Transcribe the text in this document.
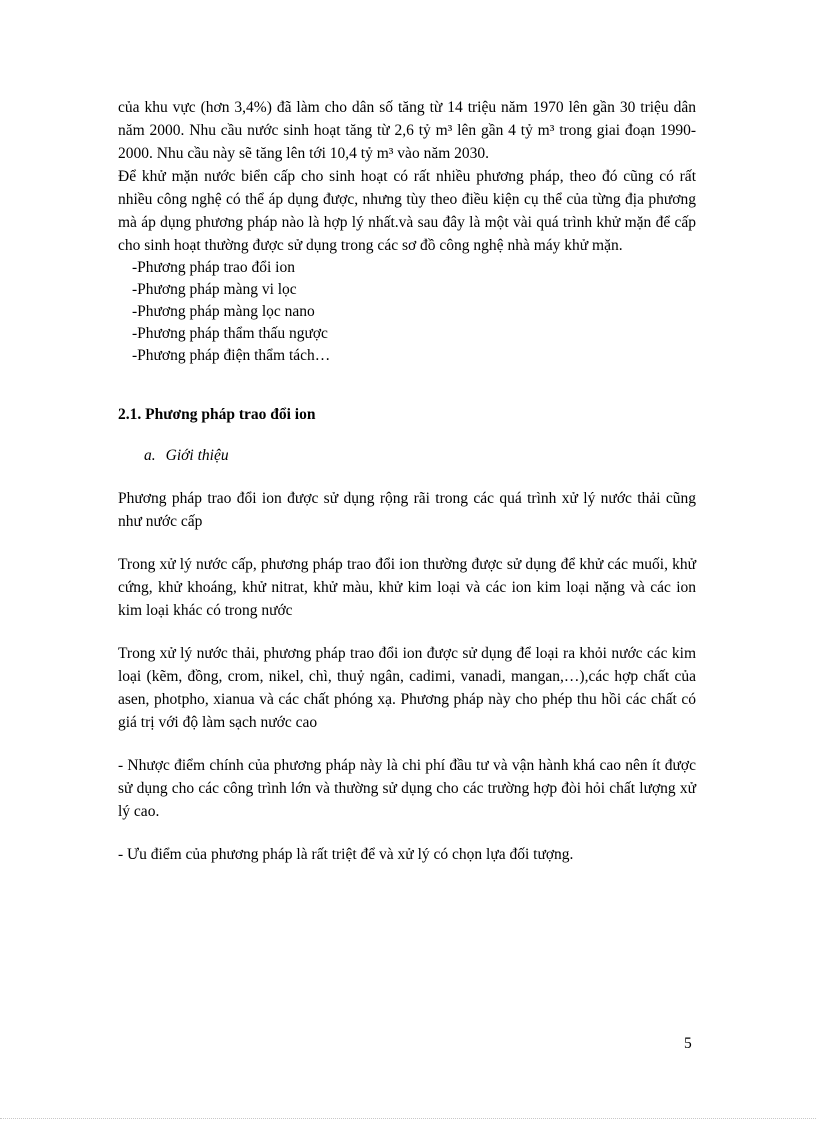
của khu vực (hơn 3,4%) đã làm cho dân số tăng từ 14 triệu năm 1970 lên gần 30 triệu dân năm 2000. Nhu cầu nước sinh hoạt tăng từ 2,6 tỷ m³ lên gần 4 tỷ m³ trong giai đoạn 1990-2000. Nhu cầu này sẽ tăng lên tới 10,4 tỷ m³ vào năm 2030.

Để khử mặn nước biển cấp cho sinh hoạt có rất nhiều phương pháp, theo đó cũng có rất nhiều công nghệ có thể áp dụng được, nhưng tùy theo điều kiện cụ thể của từng địa phương mà áp dụng phương pháp nào là hợp lý nhất.và sau đây là một vài quá trình khử mặn để cấp cho sinh hoạt thường được sử dụng trong các sơ đồ công nghệ nhà máy khử mặn.

-Phương pháp trao đổi ion
-Phương pháp màng vi lọc
-Phương pháp màng lọc nano
-Phương pháp thẩm thấu ngược
-Phương pháp điện thẩm tách…
2.1. Phương pháp trao đổi ion
a. Giới thiệu

Phương pháp trao đổi ion được sử dụng rộng rãi trong các quá trình xử lý nước thải cũng như nước cấp

Trong xử lý nước cấp, phương pháp trao đổi ion thường được sử dụng để khử các muối, khử cứng, khử khoáng, khử nitrat, khử màu, khử kim loại và các ion kim loại nặng và các ion kim loại khác có trong nước

Trong xử lý nước thải, phương pháp trao đổi ion được sử dụng để loại ra khỏi nước các kim loại (kẽm, đồng, crom, nikel, chì, thuỷ ngân, cadimi, vanadi, mangan,…),các hợp chất của asen, photpho, xianua và các chất phóng xạ. Phương pháp này cho phép thu hồi các chất có giá trị với độ làm sạch nước cao

- Nhược điểm chính của phương pháp này là chi phí đầu tư và vận hành khá cao nên ít được sử dụng cho các công trình lớn và thường sử dụng cho các trường hợp đòi hỏi chất lượng xử lý cao.

- Ưu điểm của phương pháp là rất triệt để và xử lý có chọn lựa đối tượng.

5
